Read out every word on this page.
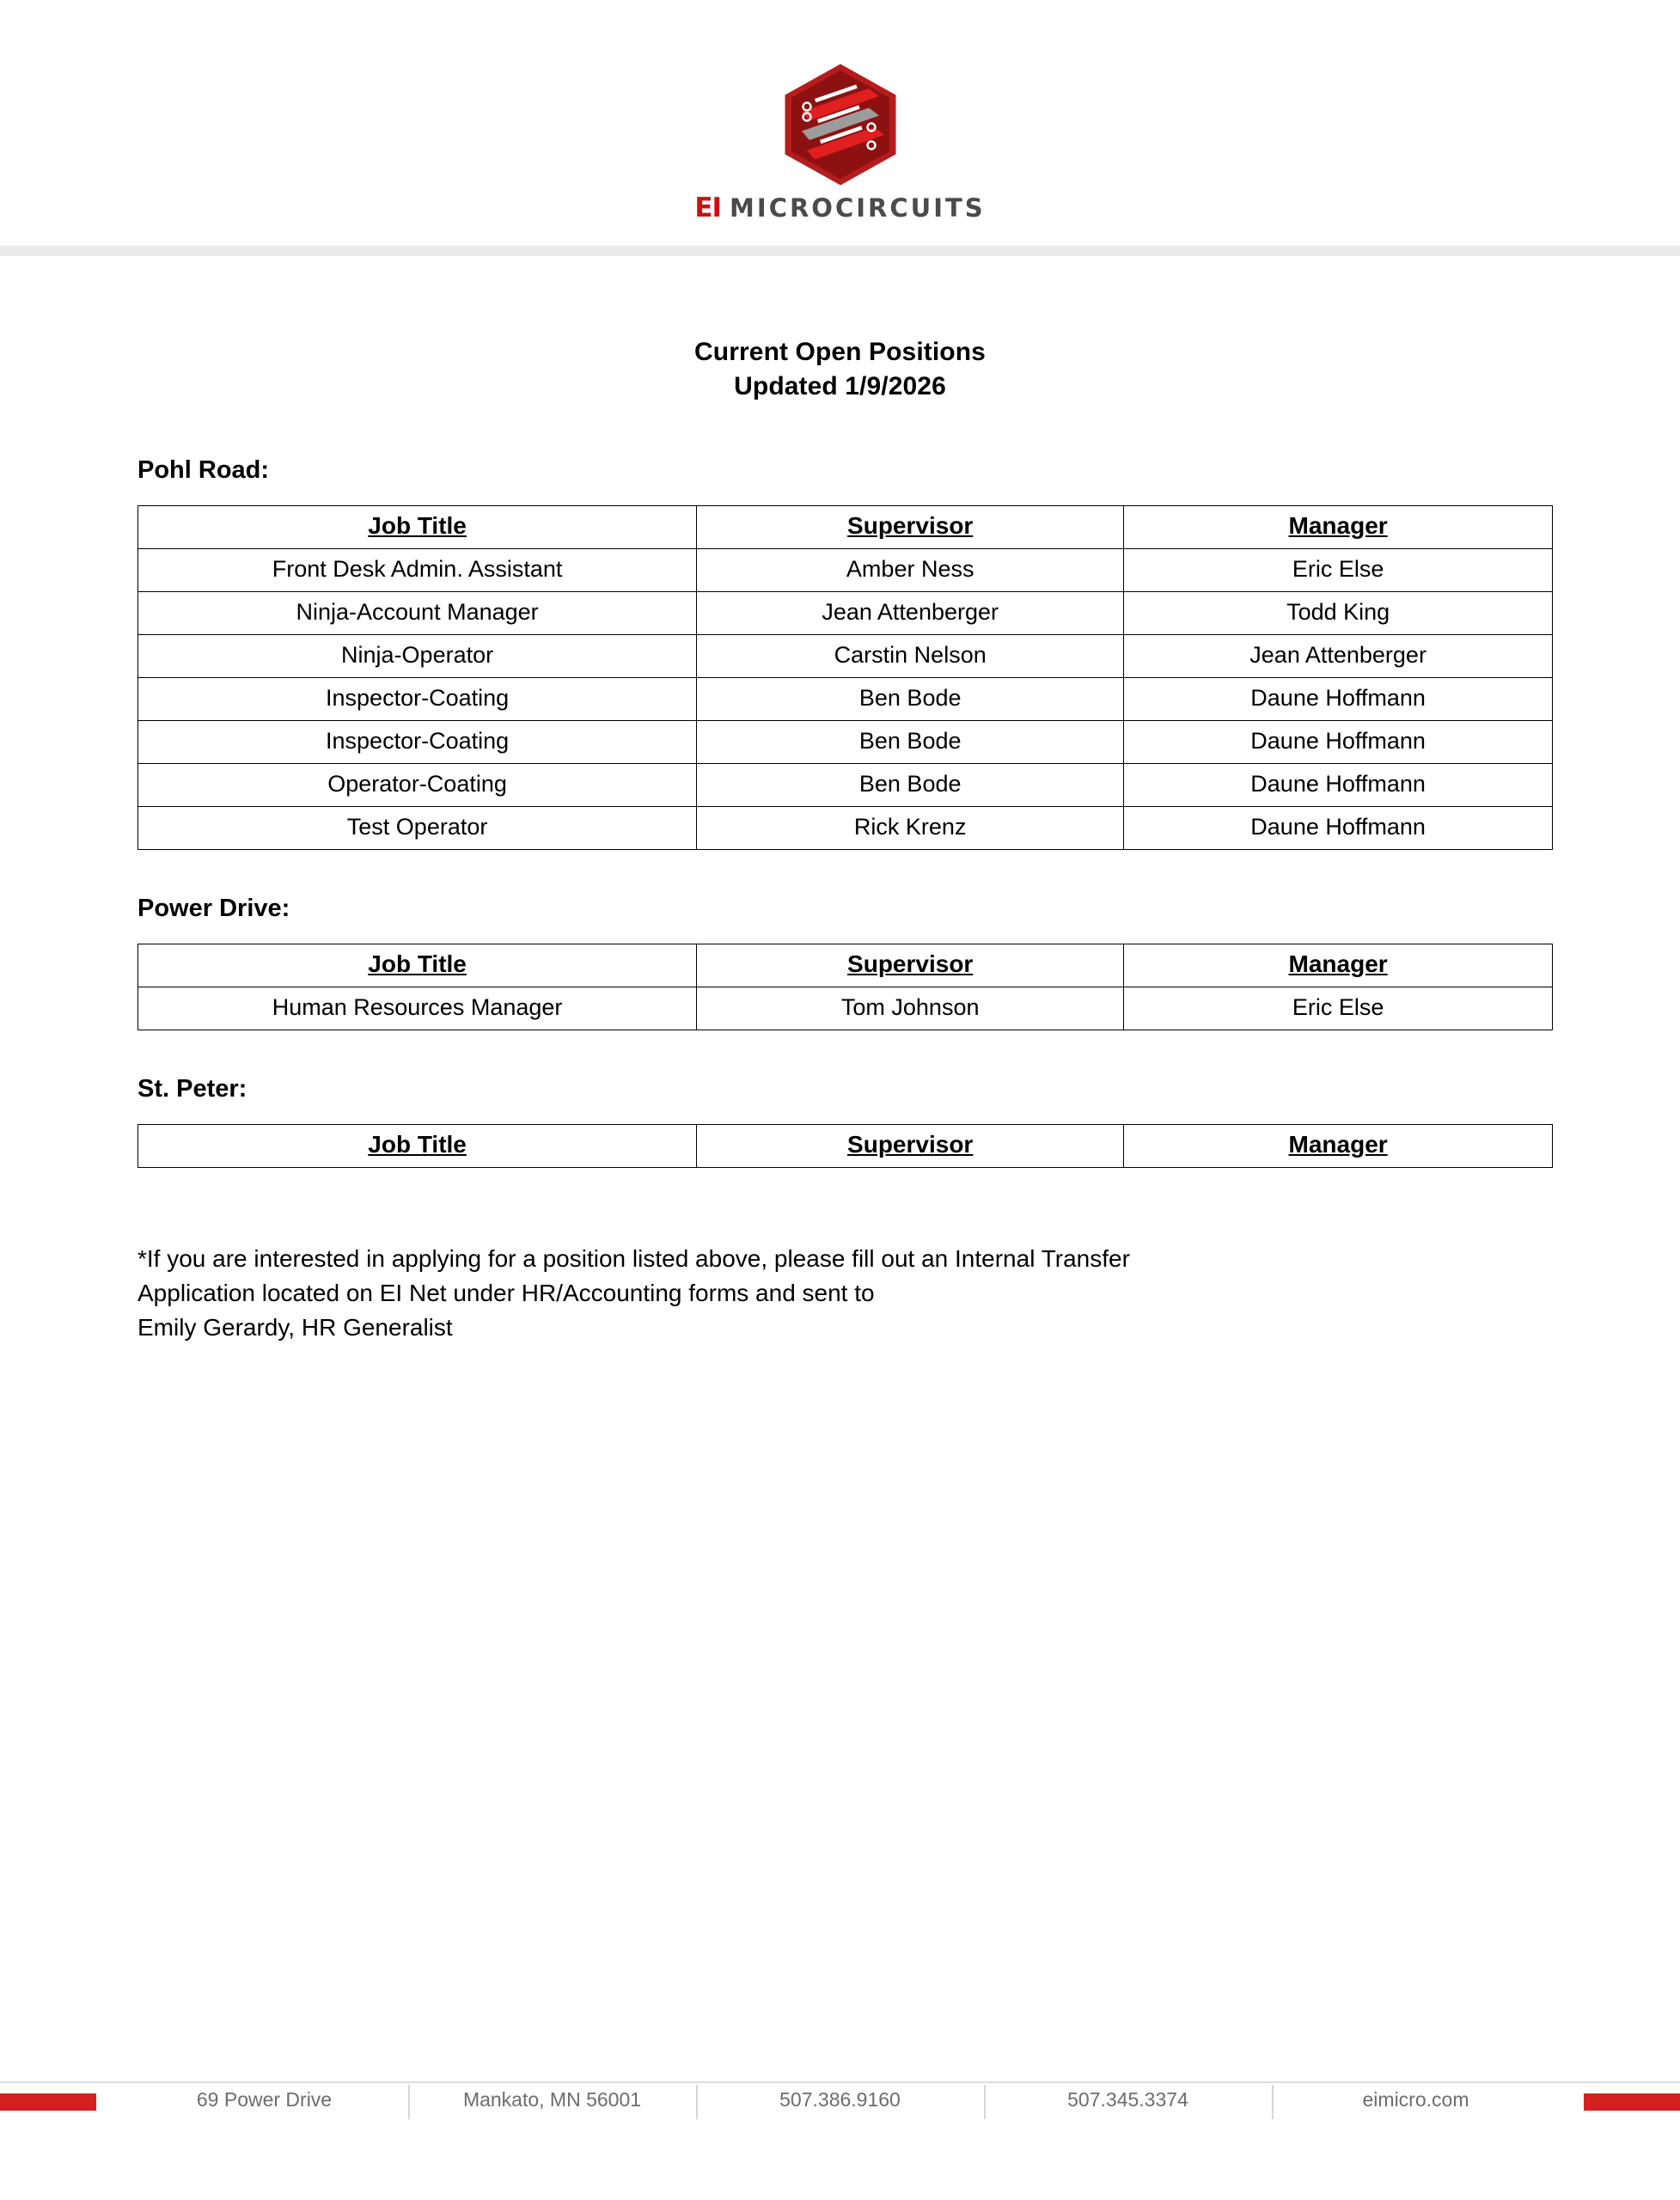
EI MICROCIRCUITS
Current Open Positions
Updated 1/9/2026
Pohl Road:
Job Title	Supervisor	Manager
Front Desk Admin. Assistant	Amber Ness	Eric Else
Ninja-Account Manager	Jean Attenberger	Todd King
Ninja-Operator	Carstin Nelson	Jean Attenberger
Inspector-Coating	Ben Bode	Daune Hoffmann
Inspector-Coating	Ben Bode	Daune Hoffmann
Operator-Coating	Ben Bode	Daune Hoffmann
Test Operator	Rick Krenz	Daune Hoffmann
Power Drive:
Job Title	Supervisor	Manager
Human Resources Manager	Tom Johnson	Eric Else
St. Peter:
Job Title	Supervisor	Manager
*If you are interested in applying for a position listed above, please fill out an Internal Transfer
Application located on EI Net under HR/Accounting forms and sent to
Emily Gerardy, HR Generalist
69 Power Drive	Mankato, MN 56001	507.386.9160	507.345.3374	eimicro.com
